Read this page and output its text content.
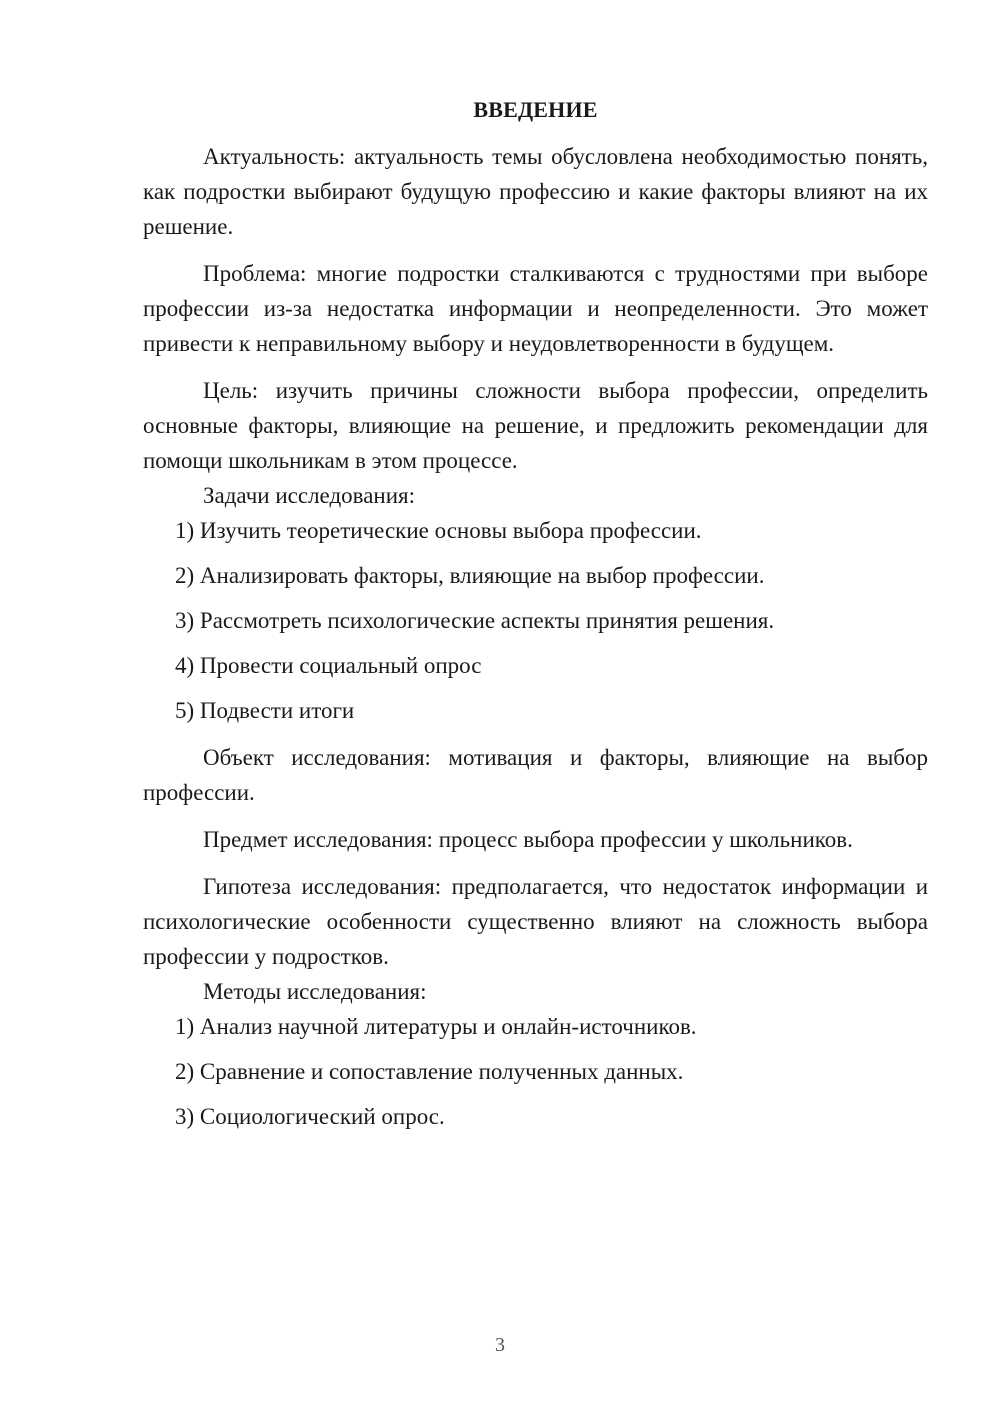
ВВЕДЕНИЕ

Актуальность: актуальность темы обусловлена необходимостью понять, как подростки выбирают будущую профессию и какие факторы влияют на их решение.

Проблема: многие подростки сталкиваются с трудностями при выборе профессии из-за недостатка информации и неопределенности. Это может привести к неправильному выбору и неудовлетворенности в будущем.

Цель: изучить причины сложности выбора профессии, определить основные факторы, влияющие на решение, и предложить рекомендации для помощи школьникам в этом процессе.

Задачи исследования:

1) Изучить теоретические основы выбора профессии.
2) Анализировать факторы, влияющие на выбор профессии.
3) Рассмотреть психологические аспекты принятия решения.
4) Провести социальный опрос
5) Подвести итоги

Объект исследования: мотивация и факторы, влияющие на выбор профессии.

Предмет исследования: процесс выбора профессии у школьников.

Гипотеза исследования: предполагается, что недостаток информации и психологические особенности существенно влияют на сложность выбора профессии у подростков.

Методы исследования:

1) Анализ научной литературы и онлайн-источников.
2) Сравнение и сопоставление полученных данных.
3) Социологический опрос.
3
